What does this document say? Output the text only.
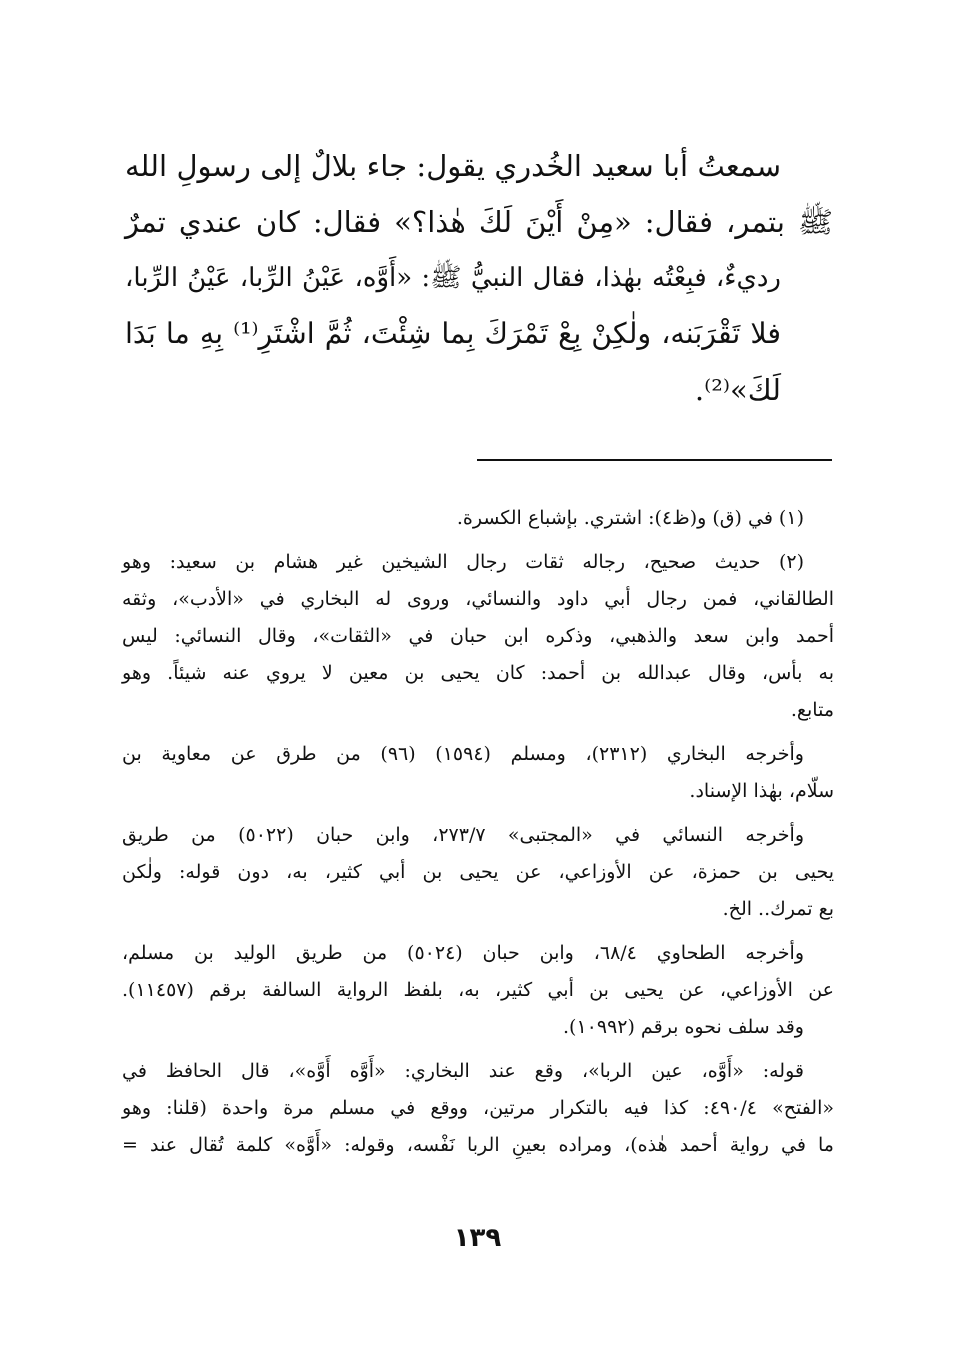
سمعتُ أبا سعيد الخُدري يقول: جاء بلالٌ إلى رسولِ الله
ﷺ بتمر، فقال: «مِنْ أَيْنَ لَكَ هٰذا؟» فقال: كان عندي تمرٌ
رديءٌ، فبِعْتُه بهٰذا، فقال النبيُّ ﷺ: «أَوَّه، عَيْنُ الرِّبا، عَيْنُ الرِّبا،
فلا تَقْرَبَنه، ولٰكِنْ بِعْ تَمْرَكَ بِما شِئْتَ، ثُمَّ اشْتَرِ⁽¹⁾ بِهِ ما بَدَا
لَكَ»⁽²⁾.

(١) في (ق) و(ظ٤): اشتري. بإشباع الكسرة.
(٢) حديث صحيح، رجاله ثقات رجال الشيخين غير هشام بن سعيد: وهو
الطالقاني، فمن رجال أبي داود والنسائي، وروى له البخاري في «الأدب»، وثقه
أحمد وابن سعد والذهبي، وذكره ابن حبان في «الثقات»، وقال النسائي: ليس
به بأس، وقال عبدالله بن أحمد: كان يحيى بن معين لا يروي عنه شيئاً. وهو
متابع.
وأخرجه البخاري (٢٣١٢)، ومسلم (١٥٩٤) (٩٦) من طرق عن معاوية بن
سلّام، بهٰذا الإسناد.
وأخرجه النسائي في «المجتبى» ٢٧٣/٧، وابن حبان (٥٠٢٢) من طريق
يحيى بن حمزة، عن الأوزاعي، عن يحيى بن أبي كثير، به، دون قوله: ولٰكن
بع تمرك.. الخ.
وأخرجه الطحاوي ٦٨/٤، وابن حبان (٥٠٢٤) من طريق الوليد بن مسلم،
عن الأوزاعي، عن يحيى بن أبي كثير، به، بلفظ الرواية السالفة برقم (١١٤٥٧).
وقد سلف نحوه برقم (١٠٩٩٢).
قوله: «أَوَّه، عين الربا»، وقع عند البخاري: «أَوَّه أَوَّه»، قال الحافظ في
«الفتح» ٤٩٠/٤: كذا فيه بالتكرار مرتين، ووقع في مسلم مرة واحدة (قلنا: وهو
ما في رواية أحمد هٰذه)، ومراده بعينِ الربا نَفْسه، وقوله: «أَوَّه» كلمة تُقال عند =
١٣٩
